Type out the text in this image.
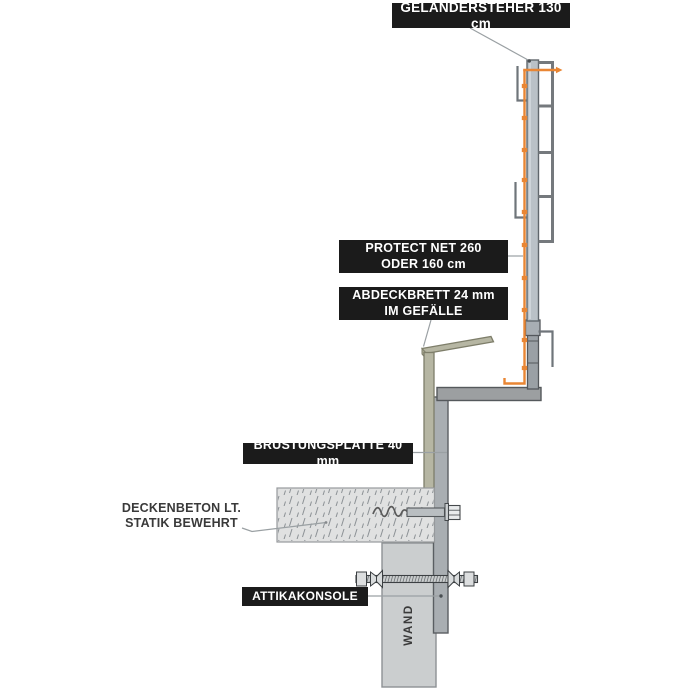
GELÄNDERSTEHER 130 cm
PROTECT NET 260
ODER 160 cm
ABDECKBRETT 24 mm
IM GEFÄLLE
BRÜSTUNGSPLATTE 40 mm
DECKENBETON LT.
STATIK BEWEHRT
ATTIKAKONSOLE
WAND
